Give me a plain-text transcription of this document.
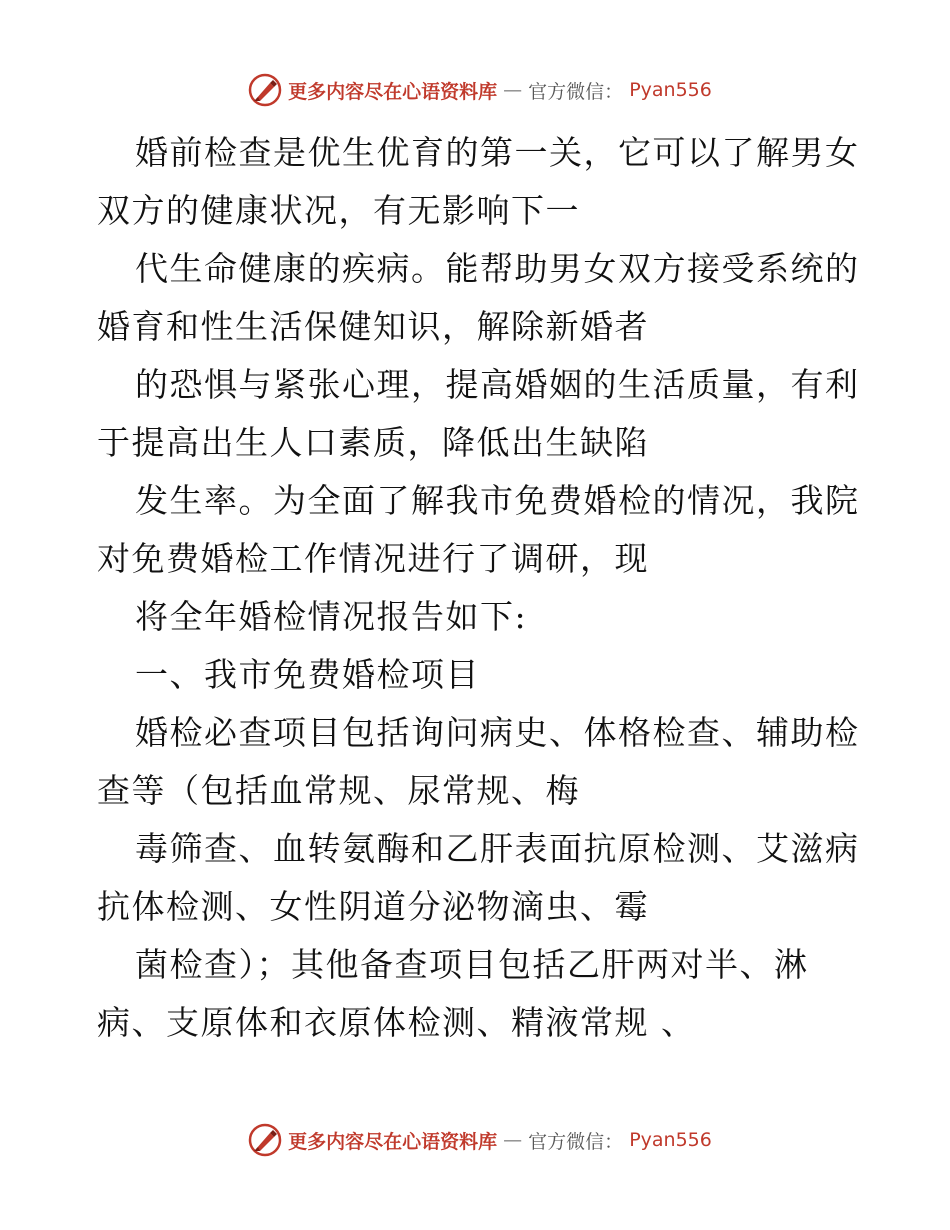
更多内容尽在心语资料库 — 官方微信： Pyan556
婚前检查是优生优育的第一关，它可以了解男女
双方的健康状况，有无影响下一
代生命健康的疾病。能帮助男女双方接受系统的
婚育和性生活保健知识，解除新婚者
的恐惧与紧张心理，提高婚姻的生活质量，有利
于提高出生人口素质，降低出生缺陷
发生率。为全面了解我市免费婚检的情况，我院
对免费婚检工作情况进行了调研，现
将全年婚检情况报告如下:
一、我市免费婚检项目
婚检必查项目包括询问病史、体格检查、辅助检
查等（包括血常规、尿常规、梅
毒筛查、血转氨酶和乙肝表面抗原检测、艾滋病
抗体检测、女性阴道分泌物滴虫、霉
菌检查）；其他备查项目包括乙肝两对半、淋
病、支原体和衣原体检测、精液常规 、
更多内容尽在心语资料库 — 官方微信： Pyan556
